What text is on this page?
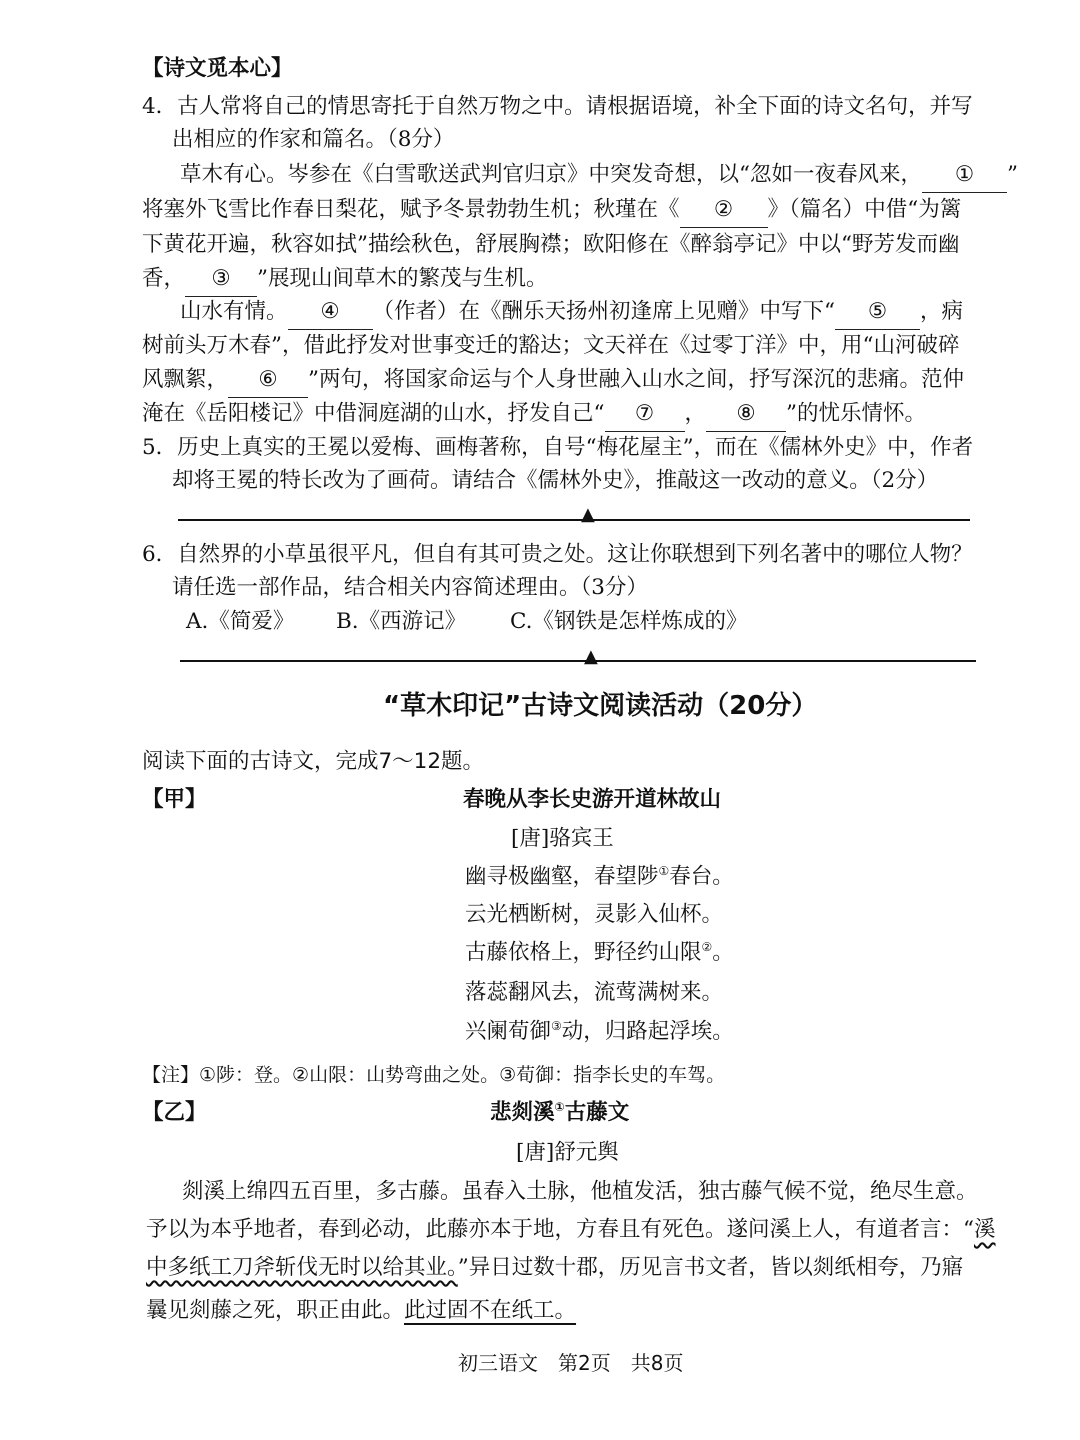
【诗文觅本心】
4．古人常将自己的情思寄托于自然万物之中。请根据语境，补全下面的诗文名句，并写
出相应的作家和篇名。（8分）
草木有心。岑参在《白雪歌送武判官归京》中突发奇想，以“忽如一夜春风来， ① ”
将塞外飞雪比作春日梨花，赋予冬景勃勃生机；秋瑾在《 ② 》（篇名）中借“为篱
下黄花开遍，秋容如拭”描绘秋色，舒展胸襟；欧阳修在《醉翁亭记》中以“野芳发而幽
香， ③ ”展现山间草木的繁茂与生机。
山水有情。 ④ （作者）在《酬乐天扬州初逢席上见赠》中写下“ ⑤ ，病
树前头万木春”，借此抒发对世事变迁的豁达；文天祥在《过零丁洋》中，用“山河破碎
风飘絮， ⑥ ”两句，将国家命运与个人身世融入山水之间，抒写深沉的悲痛。范仲
淹在《岳阳楼记》中借洞庭湖的山水，抒发自己“ ⑦ ， ⑧ ”的忧乐情怀。
5．历史上真实的王冕以爱梅、画梅著称，自号“梅花屋主”，而在《儒林外史》中，作者
却将王冕的特长改为了画荷。请结合《儒林外史》，推敲这一改动的意义。（2分）
▲
6．自然界的小草虽很平凡，但自有其可贵之处。这让你联想到下列名著中的哪位人物？
请任选一部作品，结合相关内容简述理由。（3分）
A.《简爱》 B.《西游记》 C.《钢铁是怎样炼成的》
▲
“草木印记”古诗文阅读活动（20分）
阅读下面的古诗文，完成7～12题。
【甲】	春晚从李长史游开道林故山
[唐]骆宾王
幽寻极幽壑，春望陟①春台。
云光栖断树，灵影入仙杯。
古藤依格上，野径约山限②。
落蕊翻风去，流莺满树来。
兴阑荀御③动，归路起浮埃。
【注】①陟：登。②山限：山势弯曲之处。③荀御：指李长史的车驾。
【乙】	悲剡溪①古藤文
[唐]舒元舆
剡溪上绵四五百里，多古藤。虽春入土脉，他植发活，独古藤气候不觉，绝尽生意。
予以为本乎地者，春到必动，此藤亦本于地，方春且有死色。遂问溪上人，有道者言：“溪
中多纸工刀斧斩伐无时以给其业。”异日过数十郡，历见言书文者，皆以剡纸相夸，乃寤
曩见剡藤之死，职正由此。此过固不在纸工。
初三语文　第2页　共8页
